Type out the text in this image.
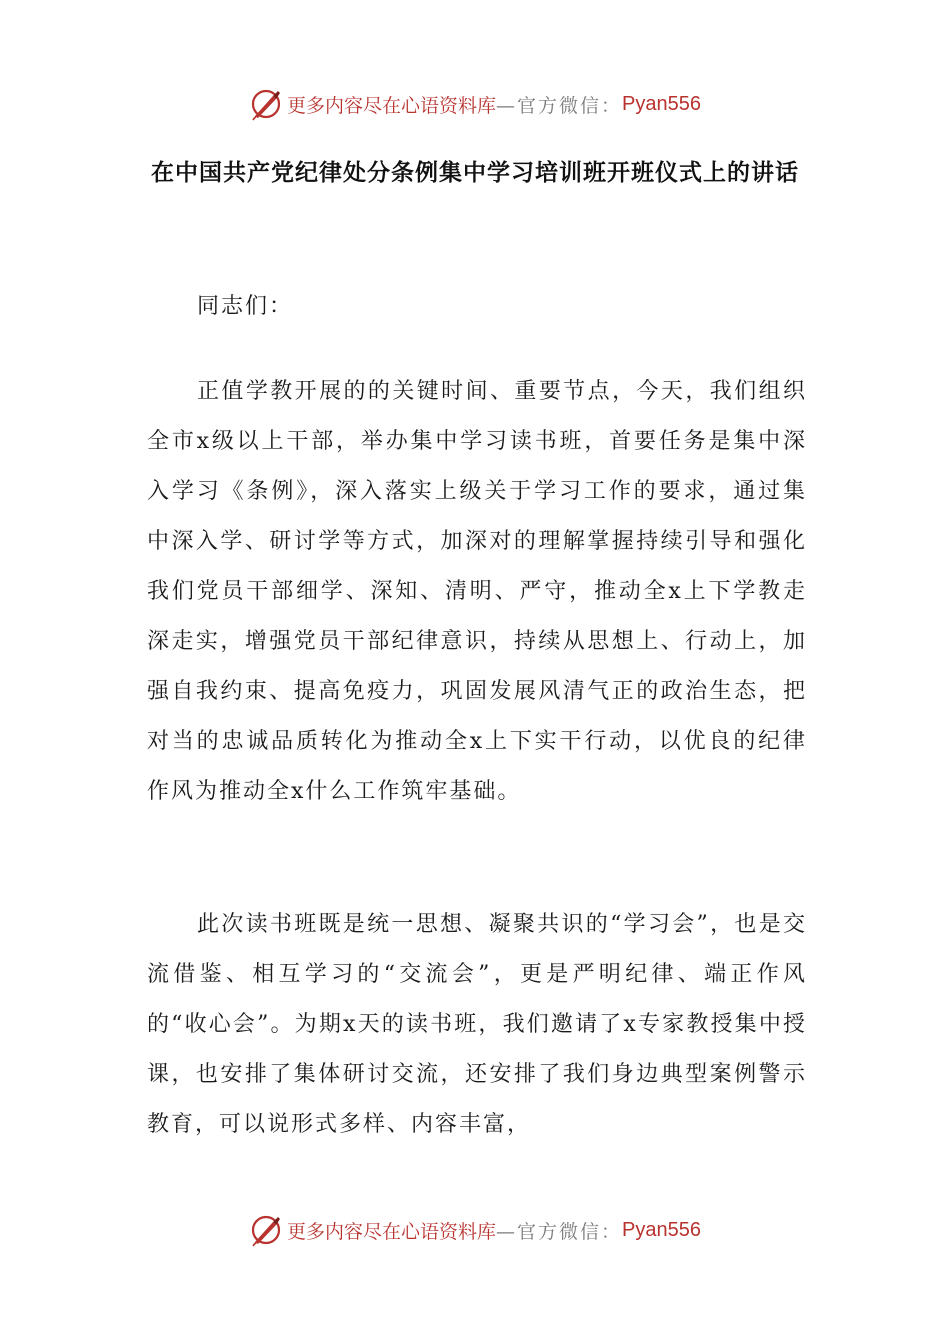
更多内容尽在心语资料库 —官方微信： Pyan556
在中国共产党纪律处分条例集中学习培训班开班仪式上的讲话
同志们：
正值学教开展的的关键时间、重要节点，今天，我们组织全市x级以上干部，举办集中学习读书班，首要任务是集中深入学习《条例》，深入落实上级关于学习工作的要求，通过集中深入学、研讨学等方式，加深对的理解掌握持续引导和强化我们党员干部细学、深知、清明、严守，推动全x上下学教走深走实，增强党员干部纪律意识，持续从思想上、行动上，加强自我约束、提高免疫力，巩固发展风清气正的政治生态，把对当的忠诚品质转化为推动全x上下实干行动，以优良的纪律作风为推动全x什么工作筑牢基础。
此次读书班既是统一思想、凝聚共识的“学习会”，也是交流借鉴、相互学习的“交流会”，更是严明纪律、端正作风的“收心会”。为期x天的读书班，我们邀请了x专家教授集中授课，也安排了集体研讨交流，还安排了我们身边典型案例警示教育，可以说形式多样、内容丰富，
更多内容尽在心语资料库 —官方微信： Pyan556
